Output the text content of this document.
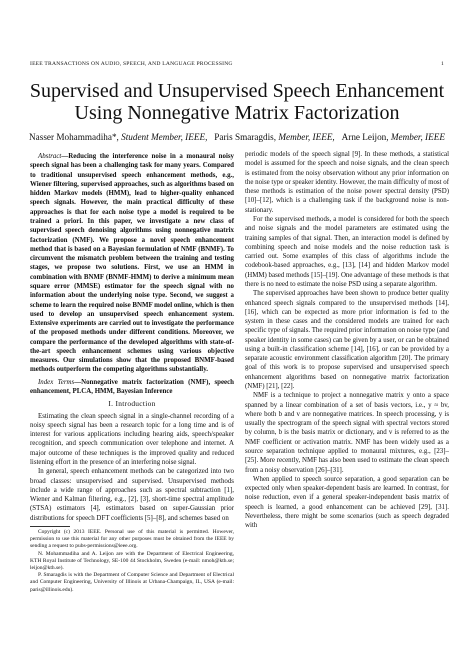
IEEE TRANSACTIONS ON AUDIO, SPEECH, AND LANGUAGE PROCESSING	1
Supervised and Unsupervised Speech Enhancement
Using Nonnegative Matrix Factorization
Nasser Mohammadiha*, Student Member, IEEE, Paris Smaragdis, Member, IEEE, Arne Leijon, Member, IEEE

Abstract—Reducing the interference noise in a monaural noisy speech signal has been a challenging task for many years. Compared to traditional unsupervised speech enhancement methods, e.g., Wiener filtering, supervised approaches, such as algorithms based on hidden Markov models (HMM), lead to higher-quality enhanced speech signals. However, the main practical difficulty of these approaches is that for each noise type a model is required to be trained a priori. In this paper, we investigate a new class of supervised speech denoising algorithms using nonnegative matrix factorization (NMF). We propose a novel speech enhancement method that is based on a Bayesian formulation of NMF (BNMF). To circumvent the mismatch problem between the training and testing stages, we propose two solutions. First, we use an HMM in combination with BNMF (BNMF-HMM) to derive a minimum mean square error (MMSE) estimator for the speech signal with no information about the underlying noise type. Second, we suggest a scheme to learn the required noise BNMF model online, which is then used to develop an unsupervised speech enhancement system. Extensive experiments are carried out to investigate the performance of the proposed methods under different conditions. Moreover, we compare the performance of the developed algorithms with state-of-the-art speech enhancement schemes using various objective measures. Our simulations show that the proposed BNMF-based methods outperform the competing algorithms substantially.

Index Terms—Nonnegative matrix factorization (NMF), speech enhancement, PLCA, HMM, Bayesian Inference

I. Introduction

Estimating the clean speech signal in a single-channel recording of a noisy speech signal has been a research topic for a long time and is of interest for various applications including hearing aids, speech/speaker recognition, and speech communication over telephone and internet. A major outcome of these techniques is the improved quality and reduced listening effort in the presence of an interfering noise signal.

In general, speech enhancement methods can be categorized into two broad classes: unsupervised and supervised. Unsupervised methods include a wide range of approaches such as spectral subtraction [1], Wiener and Kalman filtering, e.g., [2], [3], short-time spectral amplitude (STSA) estimators [4], estimators based on super-Gaussian prior distributions for speech DFT coefficients [5]–[8], and schemes based on

Copyright (c) 2013 IEEE. Personal use of this material is permitted. However, permission to use this material for any other purposes must be obtained from the IEEE by sending a request to pubs-permissions@ieee.org.

N. Mohammadiha and A. Leijon are with the Department of Electrical Engineering, KTH Royal Institute of Technology, SE-100 44 Stockholm, Sweden (e-mail: nmoh@kth.se; leijon@kth.se).

P. Smaragdis is with the Department of Computer Science and Department of Electrical and Computer Engineering, University of Illinois at Urbana-Champaign, IL, USA (e-mail: paris@illinois.edu).

periodic models of the speech signal [9]. In these methods, a statistical model is assumed for the speech and noise signals, and the clean speech is estimated from the noisy observation without any prior information on the noise type or speaker identity. However, the main difficulty of most of these methods is estimation of the noise power spectral density (PSD) [10]–[12], which is a challenging task if the background noise is non-stationary.

For the supervised methods, a model is considered for both the speech and noise signals and the model parameters are estimated using the training samples of that signal. Then, an interaction model is defined by combining speech and noise models and the noise reduction task is carried out. Some examples of this class of algorithms include the codebook-based approaches, e.g., [13], [14] and hidden Markov model (HMM) based methods [15]–[19]. One advantage of these methods is that there is no need to estimate the noise PSD using a separate algorithm.

The supervised approaches have been shown to produce better quality enhanced speech signals compared to the unsupervised methods [14], [16], which can be expected as more prior information is fed to the system in these cases and the considered models are trained for each specific type of signals. The required prior information on noise type (and speaker identity in some cases) can be given by a user, or can be obtained using a built-in classification scheme [14], [16], or can be provided by a separate acoustic environment classification algorithm [20]. The primary goal of this work is to propose supervised and unsupervised speech enhancement algorithms based on nonnegative matrix factorization (NMF) [21], [22].

NMF is a technique to project a nonnegative matrix y onto a space spanned by a linear combination of a set of basis vectors, i.e., y ≈ bv, where both b and v are nonnegative matrices. In speech processing, y is usually the spectrogram of the speech signal with spectral vectors stored by column, b is the basis matrix or dictionary, and v is referred to as the NMF coefficient or activation matrix. NMF has been widely used as a source separation technique applied to monaural mixtures, e.g., [23]–[25]. More recently, NMF has also been used to estimate the clean speech from a noisy observation [26]–[31].

When applied to speech source separation, a good separation can be expected only when speaker-dependent basis are learned. In contrast, for noise reduction, even if a general speaker-independent basis matrix of speech is learned, a good enhancement can be achieved [29], [31]. Nevertheless, there might be some scenarios (such as speech degraded with
